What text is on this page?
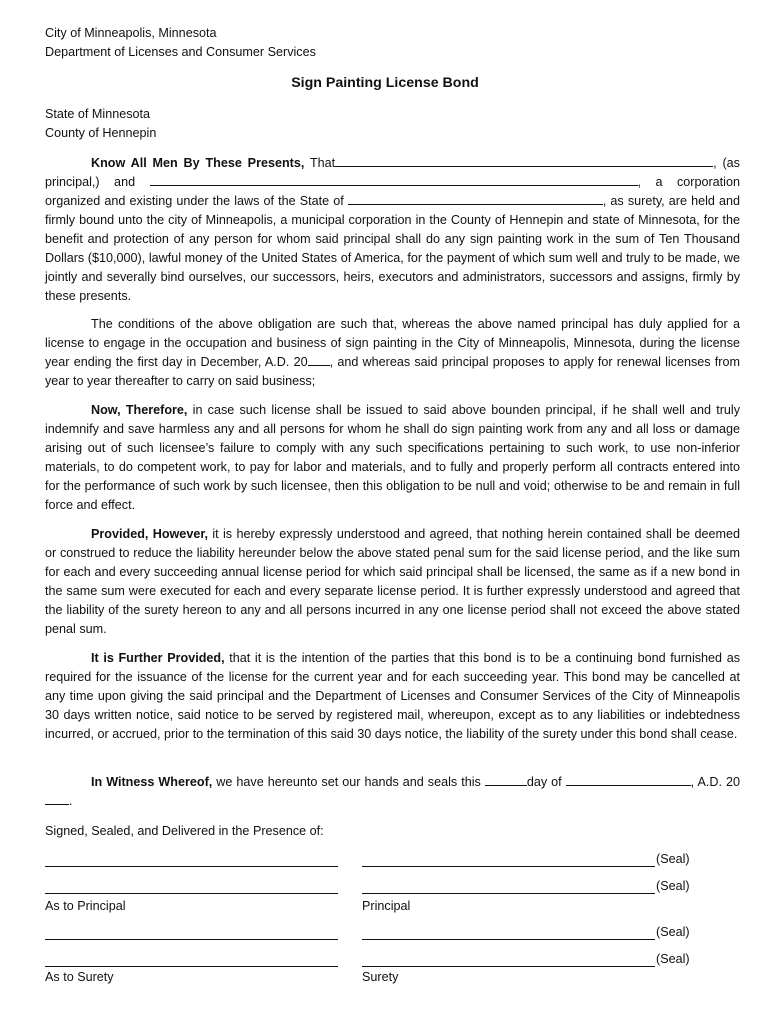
City of Minneapolis, Minnesota
Department of Licenses and Consumer Services
Sign Painting License Bond
State of Minnesota
County of Hennepin

Know All Men By These Presents, That	, (as principal,) and	, a corporation organized and existing under the laws of the State of	, as surety, are held and firmly bound unto the city of Minneapolis, a municipal corporation in the County of Hennepin and state of Minnesota, for the benefit and protection of any person for whom said principal shall do any sign painting work in the sum of Ten Thousand Dollars ($10,000), lawful money of the United States of America, for the payment of which sum well and truly to be made, we jointly and severally bind ourselves, our successors, heirs, executors and administrators, successors and assigns, firmly by these presents.

The conditions of the above obligation are such that, whereas the above named principal has duly applied for a license to engage in the occupation and business of sign painting in the City of Minneapolis, Minnesota, during the license year ending the first day in December, A.D. 20 , and whereas said principal proposes to apply for renewal licenses from year to year thereafter to carry on said business;

Now, Therefore, in case such license shall be issued to said above bounden principal, if he shall well and truly indemnify and save harmless any and all persons for whom he shall do sign painting work from any and all loss or damage arising out of such licensee’s failure to comply with any such specifications pertaining to such work, to use non-inferior materials, to do competent work, to pay for labor and materials, and to fully and properly perform all contracts entered into for the performance of such work by such licensee, then this obligation to be null and void; otherwise to be and remain in full force and effect.

Provided, However, it is hereby expressly understood and agreed, that nothing herein contained shall be deemed or construed to reduce the liability hereunder below the above stated penal sum for the said license period, and the like sum for each and every succeeding annual license period for which said principal shall be licensed, the same as if a new bond in the same sum were executed for each and every separate license period. It is further expressly understood and agreed that the liability of the surety hereon to any and all persons incurred in any one license period shall not exceed the above stated penal sum.

It is Further Provided, that it is the intention of the parties that this bond is to be a continuing bond furnished as required for the issuance of the license for the current year and for each succeeding year. This bond may be cancelled at any time upon giving the said principal and the Department of Licenses and Consumer Services of the City of Minneapolis 30 days written notice, said notice to be served by registered mail, whereupon, except as to any liabilities or indebtedness incurred, or accrued, prior to the termination of this said 30 days notice, the liability of the surety under this bond shall cease.

In Witness Whereof, we have hereunto set our hands and seals this	day of	, A.D. 20.

Signed, Sealed, and Delivered in the Presence of:
(Seal)
(Seal)
As to Principal	Principal
(Seal)
(Seal)
As to Surety	Surety
